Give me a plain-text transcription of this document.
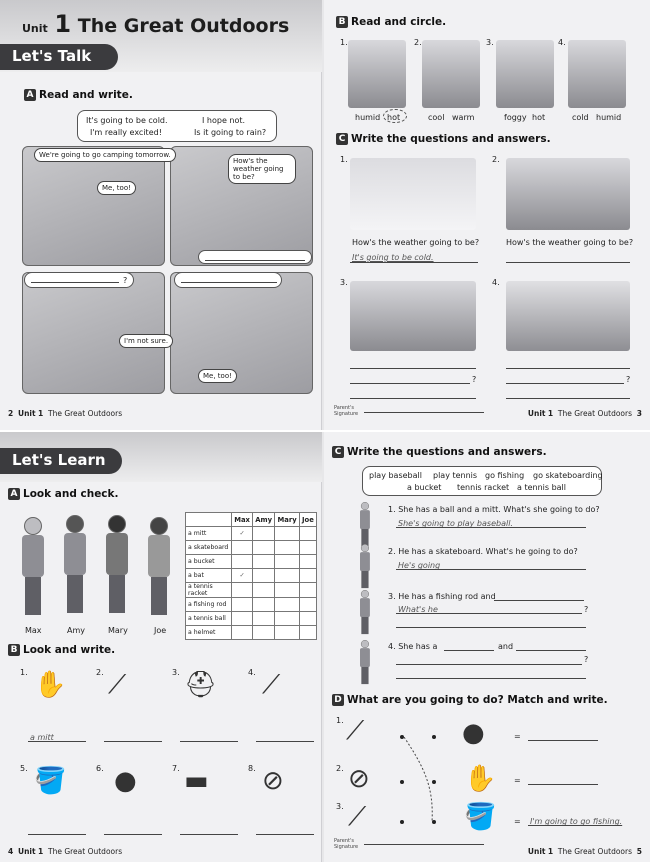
Unit 1 The Great Outdoors
Let's Talk
A Read and write.
It's going to be cold.	I hope not.
I'm really excited!	Is it going to rain?
We're going to go camping tomorrow.
Me, too!
How's the weather going to be?
?
I'm not sure.
Me, too!
2 Unit 1 The Great Outdoors
B Read and circle.
1.
humid hot
2.
cool warm
3.
foggy hot
4.
cold humid
C Write the questions and answers.
1.
How's the weather going to be?
It's going to be cold.
2.
How's the weather going to be?
3.
?
4.
?
Parent's Signature	Unit 1 The Great Outdoors 3
Let's Learn
A Look and check.
Max	Amy	Mary	Joe
	Max	Amy	Mary	Joe
a mitt	✓			
a skateboard				
a bucket				
a bat	✓			
a tennis racket				
a fishing rod				
a tennis ball				
a helmet				
B Look and write.
1. ✋
a mitt
2. ⟋	3. ⛑	4. ⟋
5. 🪣	6. ●	7. ▬	8. ⊘
4 Unit 1 The Great Outdoors
C Write the questions and answers.
play baseball play tennis go fishing go skateboarding
a bucket tennis racket a tennis ball
1. She has a ball and a mitt. What's she going to do?
She's going to play baseball.
2. He has a skateboard. What's he going to do?
He's going
3. He has a fishing rod and
What's he	?
4. She has a	and
?
D What are you going to do? Match and write.
1. ⟋	●	=
2. ⊘	✋ =
3. ⟋	🪣 = I'm going to go fishing.
Parent's Signature	Unit 1 The Great Outdoors 5
